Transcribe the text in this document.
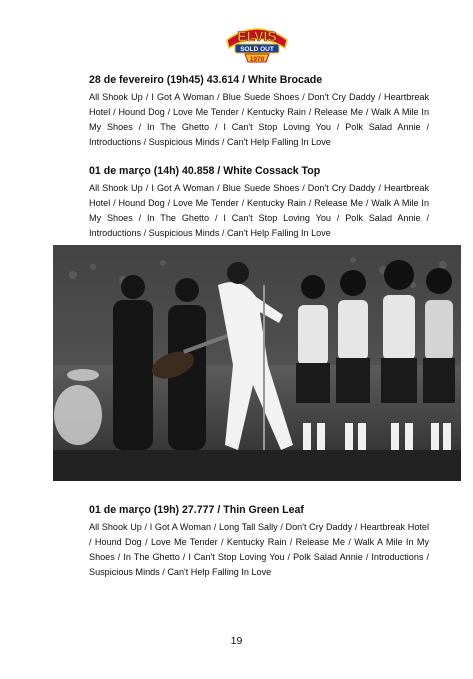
ELVIS
SOLD OUT
1970

28 de fevereiro (19h45) 43.614 / White Brocade

All Shook Up / I Got A Woman / Blue Suede Shoes / Don't Cry Daddy / Heartbreak Hotel / Hound Dog / Love Me Tender / Kentucky Rain / Release Me / Walk A Mile In My Shoes / In The Ghetto / I Can't Stop Loving You / Polk Salad Annie / Introductions / Suspicious Minds / Can't Help Falling In Love

01 de março (14h) 40.858 / White Cossack Top

All Shook Up / I Got A Woman / Blue Suede Shoes / Don't Cry Daddy / Heartbreak Hotel / Hound Dog / Love Me Tender / Kentucky Rain / Release Me / Walk A Mile In My Shoes / In The Ghetto / I Can't Stop Loving You / Polk Salad Annie / Introductions / Suspicious Minds / Can't Help Falling In Love

01 de março (19h) 27.777 / Thin Green Leaf

All Shook Up / I Got A Woman / Long Tall Sally / Don't Cry Daddy / Heartbreak Hotel / Hound Dog / Love Me Tender / Kentucky Rain / Release Me / Walk A Mile In My Shoes / In The Ghetto / I Can't Stop Loving You / Polk Salad Annie / Introductions / Suspicious Minds / Can't Help Falling In Love

19
